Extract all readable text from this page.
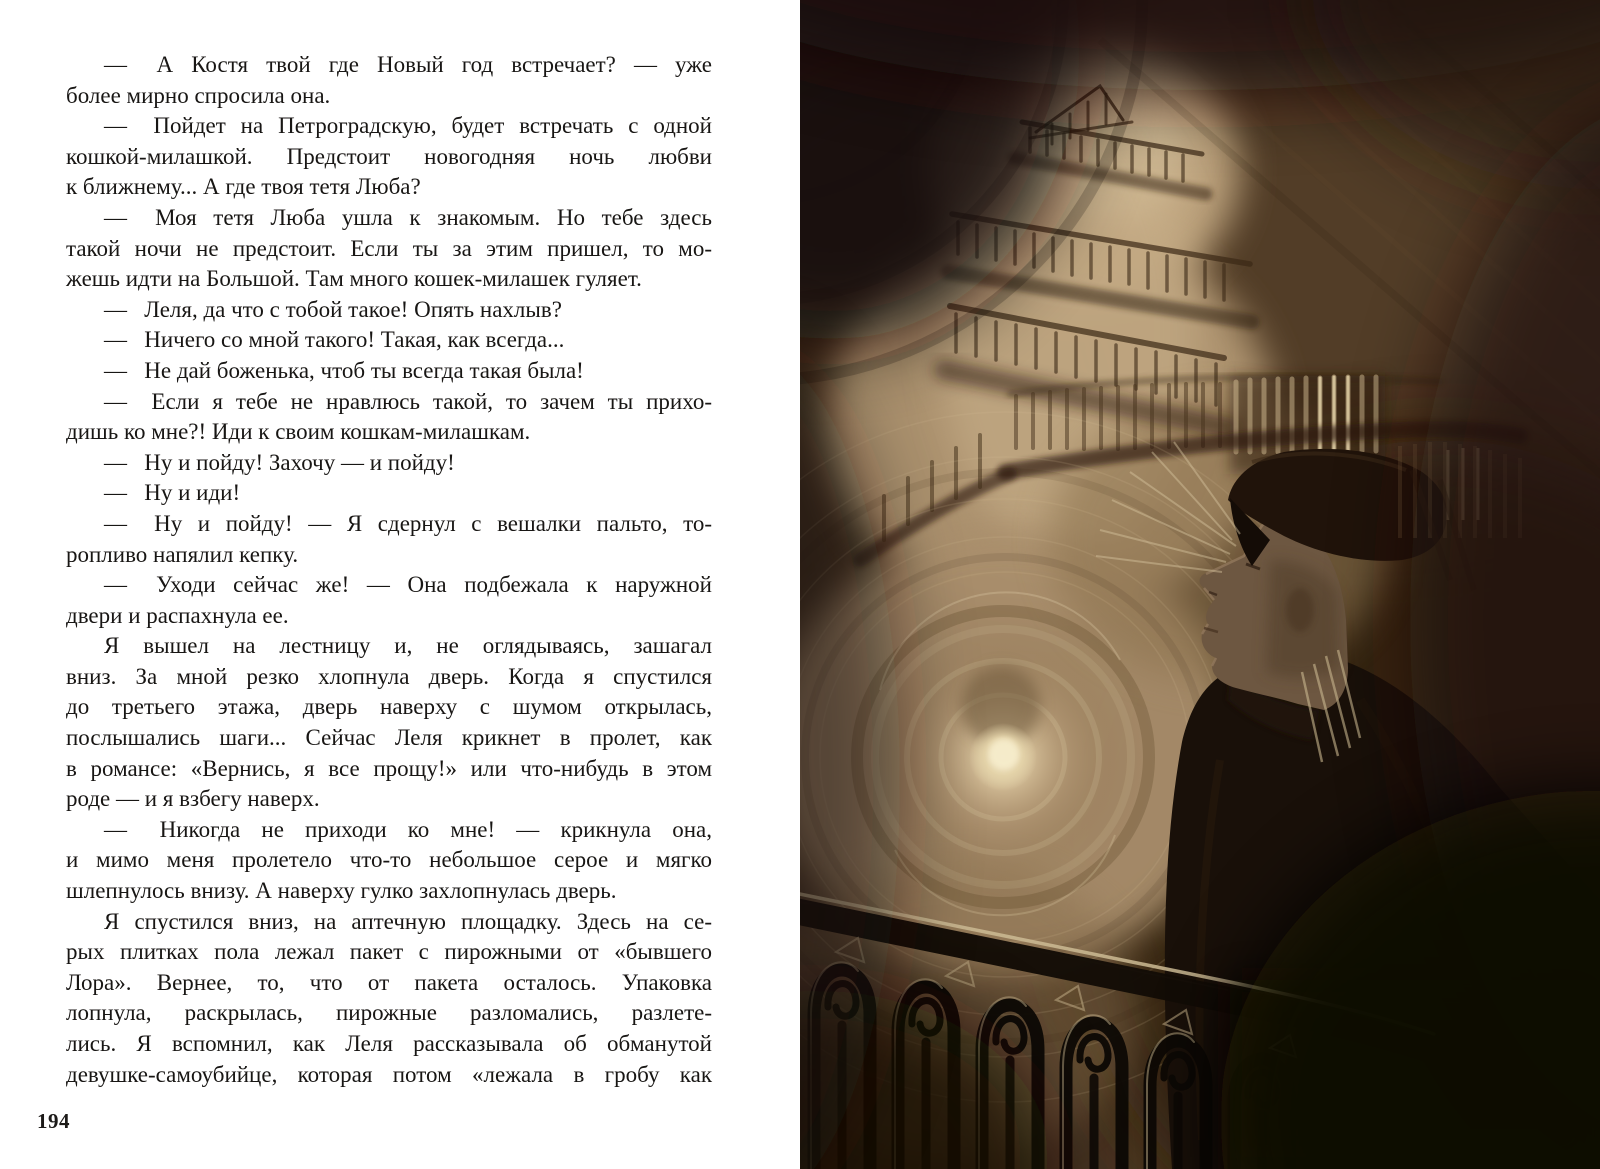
—  А Костя твой где Новый год встречает? — уже
более мирно спросила она.
—  Пойдет на Петроградскую, будет встречать с одной
кошкой-милашкой. Предстоит новогодняя ночь любви
к ближнему... А где твоя тетя Люба?
—  Моя тетя Люба ушла к знакомым. Но тебе здесь
такой ночи не предстоит. Если ты за этим пришел, то мо-
жешь идти на Большой. Там много кошек-милашек гуляет.
—  Леля, да что с тобой такое! Опять нахлыв?
—  Ничего со мной такого! Такая, как всегда...
—  Не дай боженька, чтоб ты всегда такая была!
—  Если я тебе не нравлюсь такой, то зачем ты прихо-
дишь ко мне?! Иди к своим кошкам-милашкам.
—  Ну и пойду! Захочу — и пойду!
—  Ну и иди!
—  Ну и пойду! — Я сдернул с вешалки пальто, то-
ропливо напялил кепку.
—  Уходи сейчас же! — Она подбежала к наружной
двери и распахнула ее.
Я вышел на лестницу и, не оглядываясь, зашагал
вниз. За мной резко хлопнула дверь. Когда я спустился
до третьего этажа, дверь наверху с шумом открылась,
послышались шаги... Сейчас Леля крикнет в пролет, как
в романсе: «Вернись, я все прощу!» или что-нибудь в этом
роде — и я взбегу наверх.
—  Никогда не приходи ко мне! — крикнула она,
и мимо меня пролетело что-то небольшое серое и мягко
шлепнулось внизу. А наверху гулко захлопнулась дверь.
Я спустился вниз, на аптечную площадку. Здесь на се-
рых плитках пола лежал пакет с пирожными от «бывшего
Лора». Вернее, то, что от пакета осталось. Упаковка
лопнула, раскрылась, пирожные разломались, разлете-
лись. Я вспомнил, как Леля рассказывала об обманутой
девушке-самоубийце, которая потом «лежала в гробу как
194
